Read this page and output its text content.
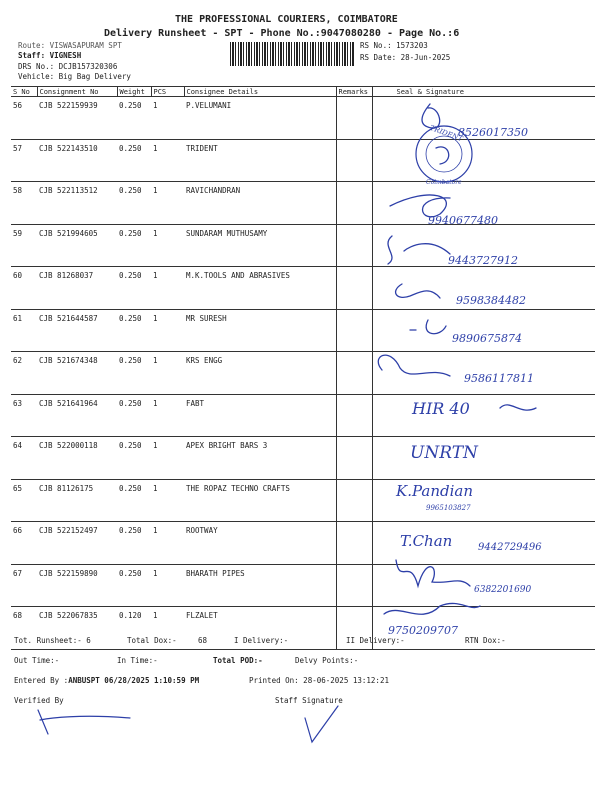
THE PROFESSIONAL COURIERS, COIMBATORE
Delivery Runsheet - SPT - Phone No.:9047080280 - Page No.:6
Route: VISWASAPURAM SPT
Staff: VIGNESH
DRS No.: DCJB157320306
Vehicle: Big Bag Delivery
RS No.: 1573203
RS Date: 28-Jun-2025
S No	Consignment No	Weight	PCS	Consignee Details	Remarks	Seal & Signature
56	CJB 522159939	0.250	1	P.VELUMANI		
57	CJB 522143510	0.250	1	TRIDENT		
58	CJB 522113512	0.250	1	RAVICHANDRAN		
59	CJB 521994605	0.250	1	SUNDARAM MUTHUSAMY		
60	CJB 81268037	0.250	1	M.K.TOOLS AND ABRASIVES		
61	CJB 521644587	0.250	1	MR SURESH		
62	CJB 521674348	0.250	1	KRS ENGG		
63	CJB 521641964	0.250	1	FABT		
64	CJB 522000118	0.250	1	APEX BRIGHT BARS 3		
65	CJB 81126175	0.250	1	THE ROPAZ TECHNO CRAFTS		
66	CJB 522152497	0.250	1	ROOTWAY		
67	CJB 522159890	0.250	1	BHARATH PIPES		
68	CJB 522067835	0.120	1	FLZALET		
8526017350
TRIDENT
Coimbatore
9940677480
9443727912
9598384482
9890675874
9586117811
HIR 40
UNRTN
K.Pandian
9965103827
T.Chan	9442729496
6382201690
9750209707
Tot. Runsheet:- 6	Total Dox:-	68	I Delivery:-	II Delivery:-	RTN Dox:-
Out Time:-	In Time:-	Total POD:-	Delvy Points:-
Entered By :ANBUSPT 06/28/2025 1:10:59 PM	Printed On: 28-06-2025 13:12:21
Verified By	Staff Signature
